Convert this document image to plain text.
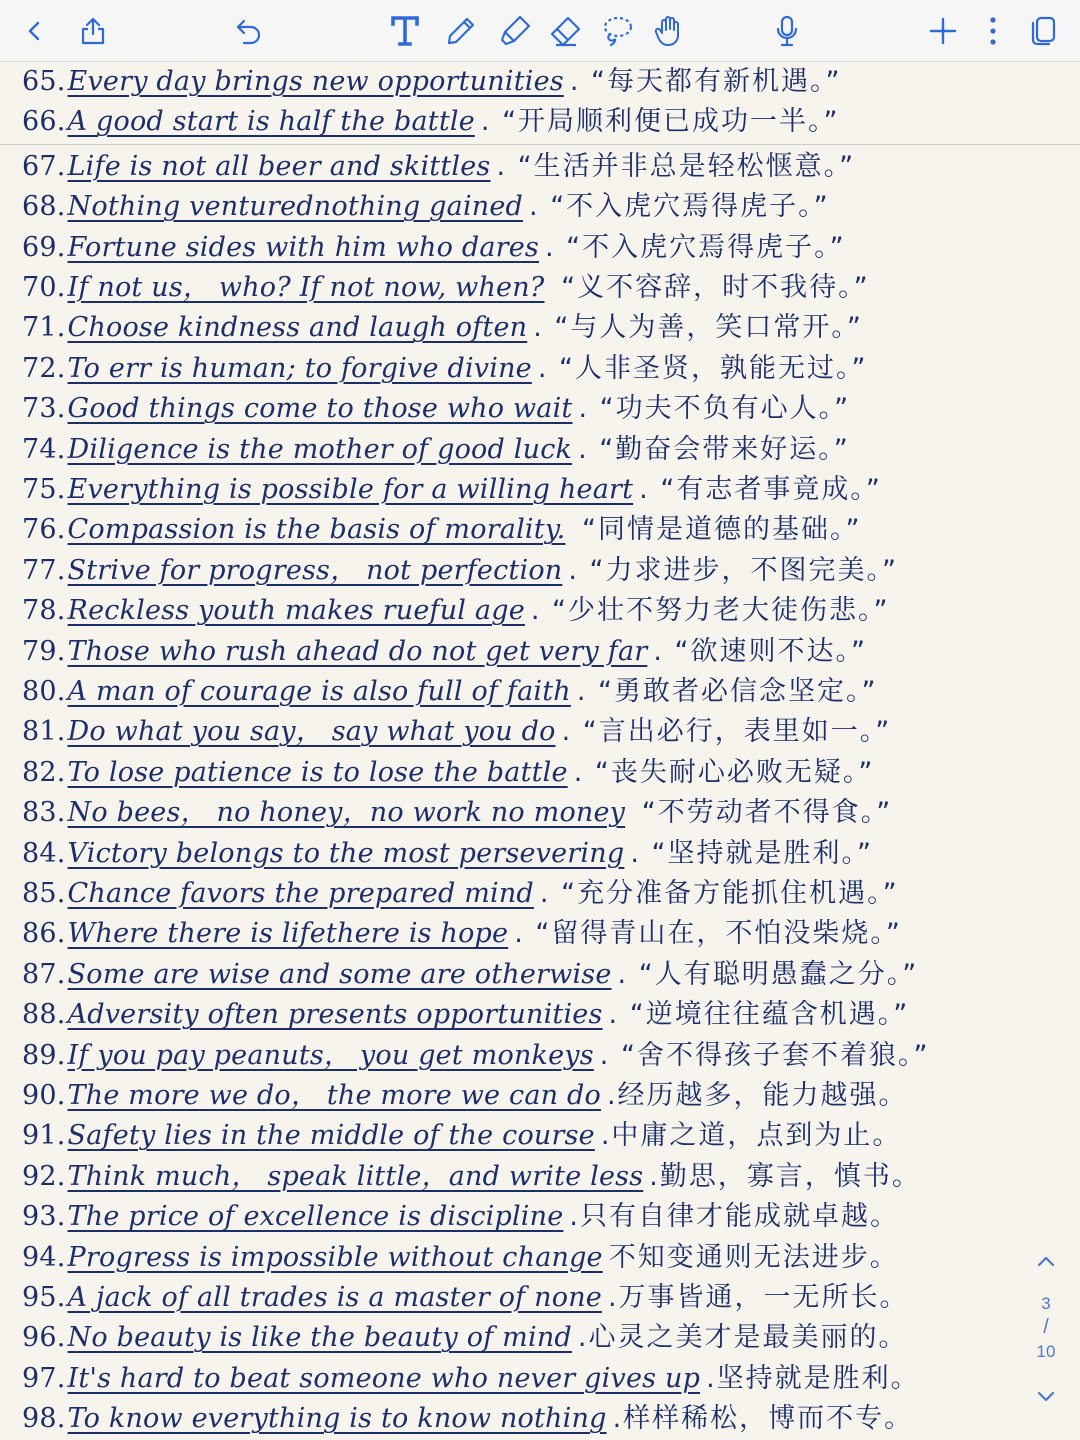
65.Every day brings new opportunities . “每天都有新机遇。”
66.A good start is half the battle . “开局顺利便已成功一半。”
67.Life is not all beer and skittles . “生活并非总是轻松惬意。”
68.Nothing venturednothing gained . “不入虎穴焉得虎子。”
69.Fortune sides with him who dares . “不入虎穴焉得虎子。”
70.If not us， who? If not now, when? “义不容辞，时不我待。”
71.Choose kindness and laugh often . “与人为善，笑口常开。”
72.To err is human; to forgive divine . “人非圣贤，孰能无过。”
73.Good things come to those who wait . “功夫不负有心人。”
74.Diligence is the mother of good luck . “勤奋会带来好运。”
75.Everything is possible for a willing heart . “有志者事竟成。”
76.Compassion is the basis of morality. “同情是道德的基础。”
77.Strive for progress， not perfection . “力求进步，不图完美。”
78.Reckless youth makes rueful age . “少壮不努力老大徒伤悲。”
79.Those who rush ahead do not get very far . “欲速则不达。”
80.A man of courage is also full of faith . “勇敢者必信念坚定。”
81.Do what you say， say what you do . “言出必行，表里如一。”
82.To lose patience is to lose the battle . “丧失耐心必败无疑。”
83.No bees， no honey，no work no money “不劳动者不得食。”
84.Victory belongs to the most persevering . “坚持就是胜利。”
85.Chance favors the prepared mind . “充分准备方能抓住机遇。”
86.Where there is lifethere is hope . “留得青山在，不怕没柴烧。”
87.Some are wise and some are otherwise . “人有聪明愚蠢之分。”
88.Adversity often presents opportunities . “逆境往往蕴含机遇。”
89.If you pay peanuts， you get monkeys . “舍不得孩子套不着狼。”
90.The more we do， the more we can do .经历越多，能力越强。
91.Safety lies in the middle of the course .中庸之道，点到为止。
92.Think much， speak little，and write less .勤思，寡言，慎书。
93.The price of excellence is discipline .只有自律才能成就卓越。
94.Progress is impossible without change 不知变通则无法进步。
95.A jack of all trades is a master of none .万事皆通，一无所长。
96.No beauty is like the beauty of mind .心灵之美才是最美丽的。
97.It's hard to beat someone who never gives up .坚持就是胜利。
98.To know everything is to know nothing .样样稀松，博而不专。
3
/
10
